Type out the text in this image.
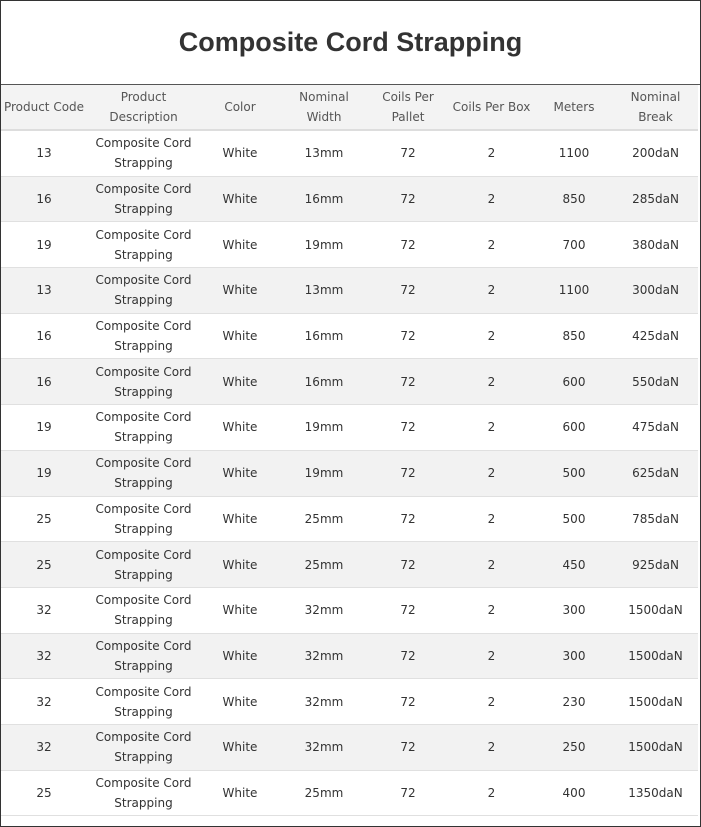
Composite Cord Strapping
Product Code	Product Description	Color	Nominal Width	Coils Per Pallet	Coils Per Box	Meters	Nominal Break
13	Composite Cord Strapping	White	13mm	72	2	1100	200daN
16	Composite Cord Strapping	White	16mm	72	2	850	285daN
19	Composite Cord Strapping	White	19mm	72	2	700	380daN
13	Composite Cord Strapping	White	13mm	72	2	1100	300daN
16	Composite Cord Strapping	White	16mm	72	2	850	425daN
16	Composite Cord Strapping	White	16mm	72	2	600	550daN
19	Composite Cord Strapping	White	19mm	72	2	600	475daN
19	Composite Cord Strapping	White	19mm	72	2	500	625daN
25	Composite Cord Strapping	White	25mm	72	2	500	785daN
25	Composite Cord Strapping	White	25mm	72	2	450	925daN
32	Composite Cord Strapping	White	32mm	72	2	300	1500daN
32	Composite Cord Strapping	White	32mm	72	2	300	1500daN
32	Composite Cord Strapping	White	32mm	72	2	230	1500daN
32	Composite Cord Strapping	White	32mm	72	2	250	1500daN
25	Composite Cord Strapping	White	25mm	72	2	400	1350daN
